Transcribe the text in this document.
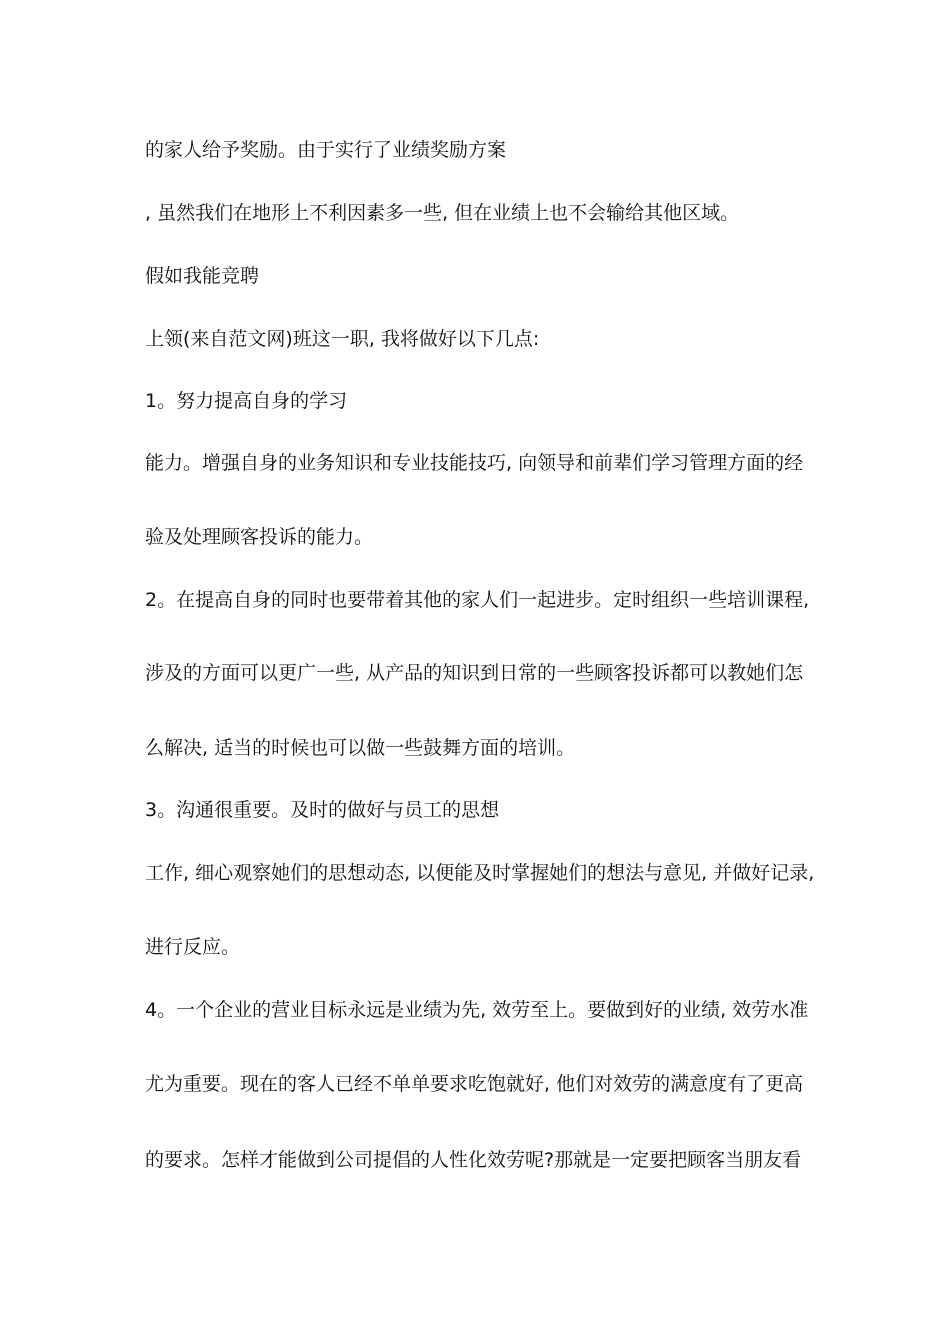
的家人给予奖励。由于实行了业绩奖励方案
, 虽然我们在地形上不利因素多一些, 但在业绩上也不会输给其他区域。
假如我能竞聘
上领(来自范文网)班这一职, 我将做好以下几点:
1。努力提高自身的学习
能力。增强自身的业务知识和专业技能技巧, 向领导和前辈们学习管理方面的经
验及处理顾客投诉的能力。
2。在提高自身的同时也要带着其他的家人们一起进步。定时组织一些培训课程,
涉及的方面可以更广一些, 从产品的知识到日常的一些顾客投诉都可以教她们怎
么解决, 适当的时候也可以做一些鼓舞方面的培训。
3。沟通很重要。及时的做好与员工的思想
工作, 细心观察她们的思想动态, 以便能及时掌握她们的想法与意见, 并做好记录,
进行反应。
4。一个企业的营业目标永远是业绩为先, 效劳至上。要做到好的业绩, 效劳水准
尤为重要。现在的客人已经不单单要求吃饱就好, 他们对效劳的满意度有了更高
的要求。怎样才能做到公司提倡的人性化效劳呢?那就是一定要把顾客当朋友看
